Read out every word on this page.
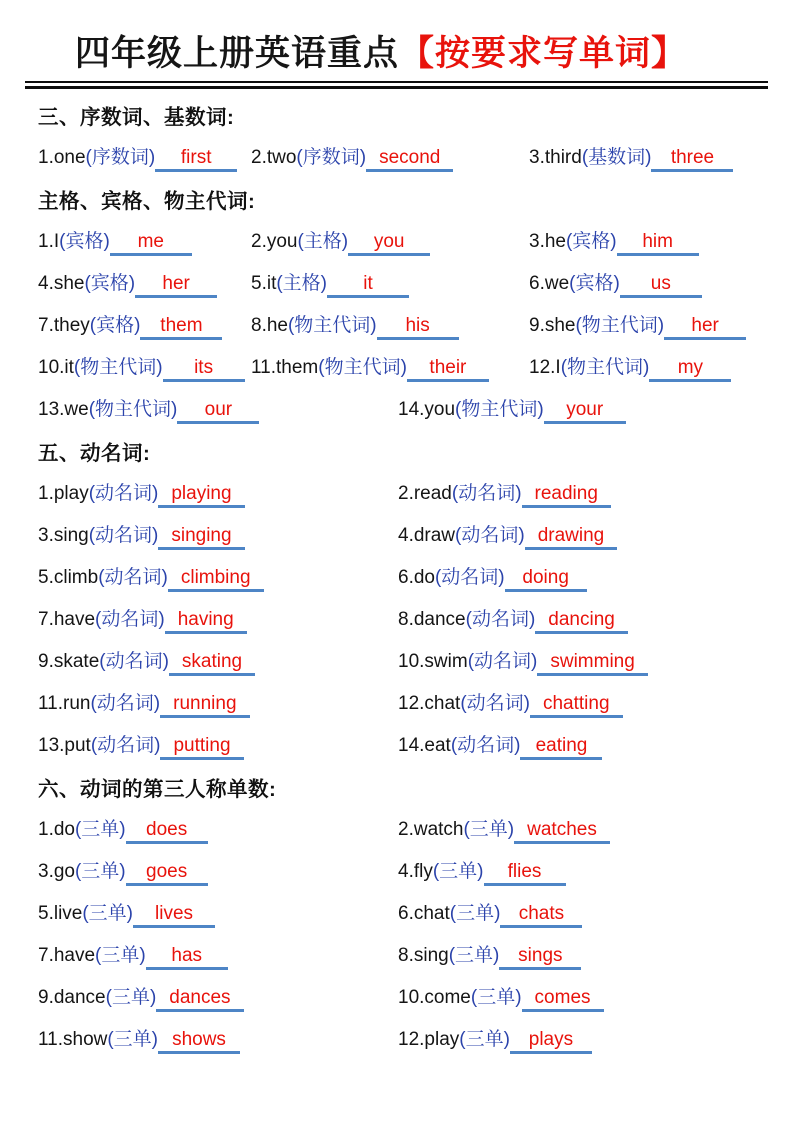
四年级上册英语重点【按要求写单词】
三、序数词、基数词:
1.one(序数词) first	2.two(序数词) second	3.third(基数词) three
主格、宾格、物主代词:
1.I(宾格) me	2.you(主格) you	3.he(宾格) him
4.she(宾格) her	5.it(主格) it	6.we(宾格) us
7.they(宾格) them	8.he(物主代词) his	9.she(物主代词) her
10.it(物主代词) its	11.them(物主代词) their	12.I(物主代词) my
13.we(物主代词) our	14.you(物主代词) your
五、动名词:
1.play(动名词) playing	2.read(动名词) reading
3.sing(动名词) singing	4.draw(动名词) drawing
5.climb(动名词) climbing	6.do(动名词) doing
7.have(动名词) having	8.dance(动名词) dancing
9.skate(动名词) skating	10.swim(动名词) swimming
11.run(动名词) running	12.chat(动名词) chatting
13.put(动名词) putting	14.eat(动名词) eating
六、动词的第三人称单数:
1.do(三单) does	2.watch(三单) watches
3.go(三单) goes	4.fly(三单) flies
5.live(三单) lives	6.chat(三单) chats
7.have(三单) has	8.sing(三单) sings
9.dance(三单) dances	10.come(三单) comes
11.show(三单) shows	12.play(三单) plays
